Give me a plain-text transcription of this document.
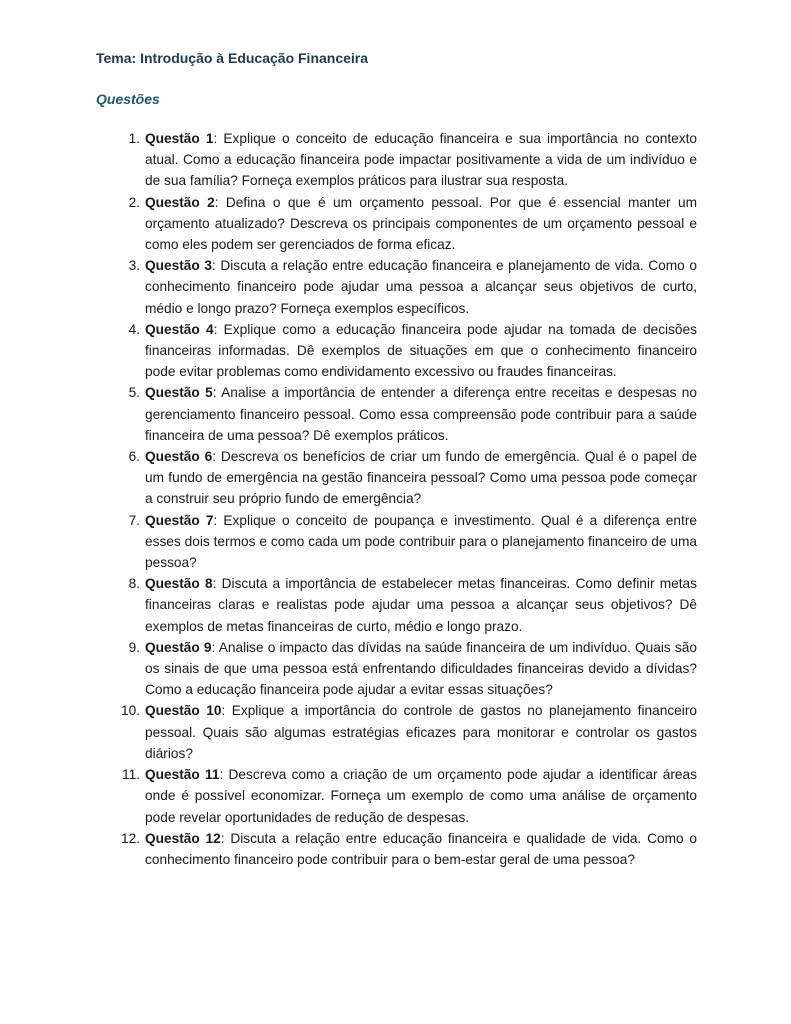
Tema: Introdução à Educação Financeira
Questões
1. Questão 1: Explique o conceito de educação financeira e sua importância no contexto atual. Como a educação financeira pode impactar positivamente a vida de um indivíduo e de sua família? Forneça exemplos práticos para ilustrar sua resposta.
2. Questão 2: Defina o que é um orçamento pessoal. Por que é essencial manter um orçamento atualizado? Descreva os principais componentes de um orçamento pessoal e como eles podem ser gerenciados de forma eficaz.
3. Questão 3: Discuta a relação entre educação financeira e planejamento de vida. Como o conhecimento financeiro pode ajudar uma pessoa a alcançar seus objetivos de curto, médio e longo prazo? Forneça exemplos específicos.
4. Questão 4: Explique como a educação financeira pode ajudar na tomada de decisões financeiras informadas. Dê exemplos de situações em que o conhecimento financeiro pode evitar problemas como endividamento excessivo ou fraudes financeiras.
5. Questão 5: Analise a importância de entender a diferença entre receitas e despesas no gerenciamento financeiro pessoal. Como essa compreensão pode contribuir para a saúde financeira de uma pessoa? Dê exemplos práticos.
6. Questão 6: Descreva os benefícios de criar um fundo de emergência. Qual é o papel de um fundo de emergência na gestão financeira pessoal? Como uma pessoa pode começar a construir seu próprio fundo de emergência?
7. Questão 7: Explique o conceito de poupança e investimento. Qual é a diferença entre esses dois termos e como cada um pode contribuir para o planejamento financeiro de uma pessoa?
8. Questão 8: Discuta a importância de estabelecer metas financeiras. Como definir metas financeiras claras e realistas pode ajudar uma pessoa a alcançar seus objetivos? Dê exemplos de metas financeiras de curto, médio e longo prazo.
9. Questão 9: Analise o impacto das dívidas na saúde financeira de um indivíduo. Quais são os sinais de que uma pessoa está enfrentando dificuldades financeiras devido a dívidas? Como a educação financeira pode ajudar a evitar essas situações?
10. Questão 10: Explique a importância do controle de gastos no planejamento financeiro pessoal. Quais são algumas estratégias eficazes para monitorar e controlar os gastos diários?
11. Questão 11: Descreva como a criação de um orçamento pode ajudar a identificar áreas onde é possível economizar. Forneça um exemplo de como uma análise de orçamento pode revelar oportunidades de redução de despesas.
12. Questão 12: Discuta a relação entre educação financeira e qualidade de vida. Como o conhecimento financeiro pode contribuir para o bem-estar geral de uma pessoa?
